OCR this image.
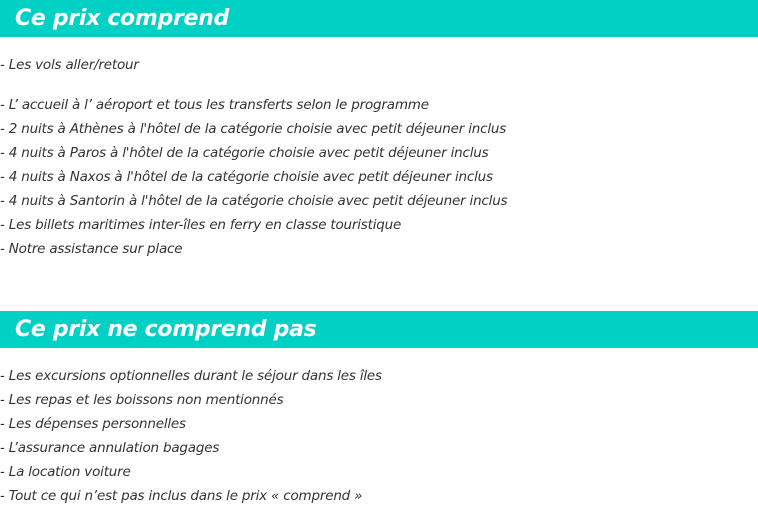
Ce prix comprend
- Les vols aller/retour
- L’ accueil à l’ aéroport et tous les transferts selon le programme
- 2 nuits à Athènes à l'hôtel de la catégorie choisie avec petit déjeuner inclus
- 4 nuits à Paros à l'hôtel de la catégorie choisie avec petit déjeuner inclus
- 4 nuits à Naxos à l'hôtel de la catégorie choisie avec petit déjeuner inclus
- 4 nuits à Santorin à l'hôtel de la catégorie choisie avec petit déjeuner inclus
- Les billets maritimes inter-îles en ferry en classe touristique
- Notre assistance sur place
Ce prix ne comprend pas
- Les excursions optionnelles durant le séjour dans les îles
- Les repas et les boissons non mentionnés
- Les dépenses personnelles
- L’assurance annulation bagages
- La location voiture
- Tout ce qui n’est pas inclus dans le prix « comprend »
